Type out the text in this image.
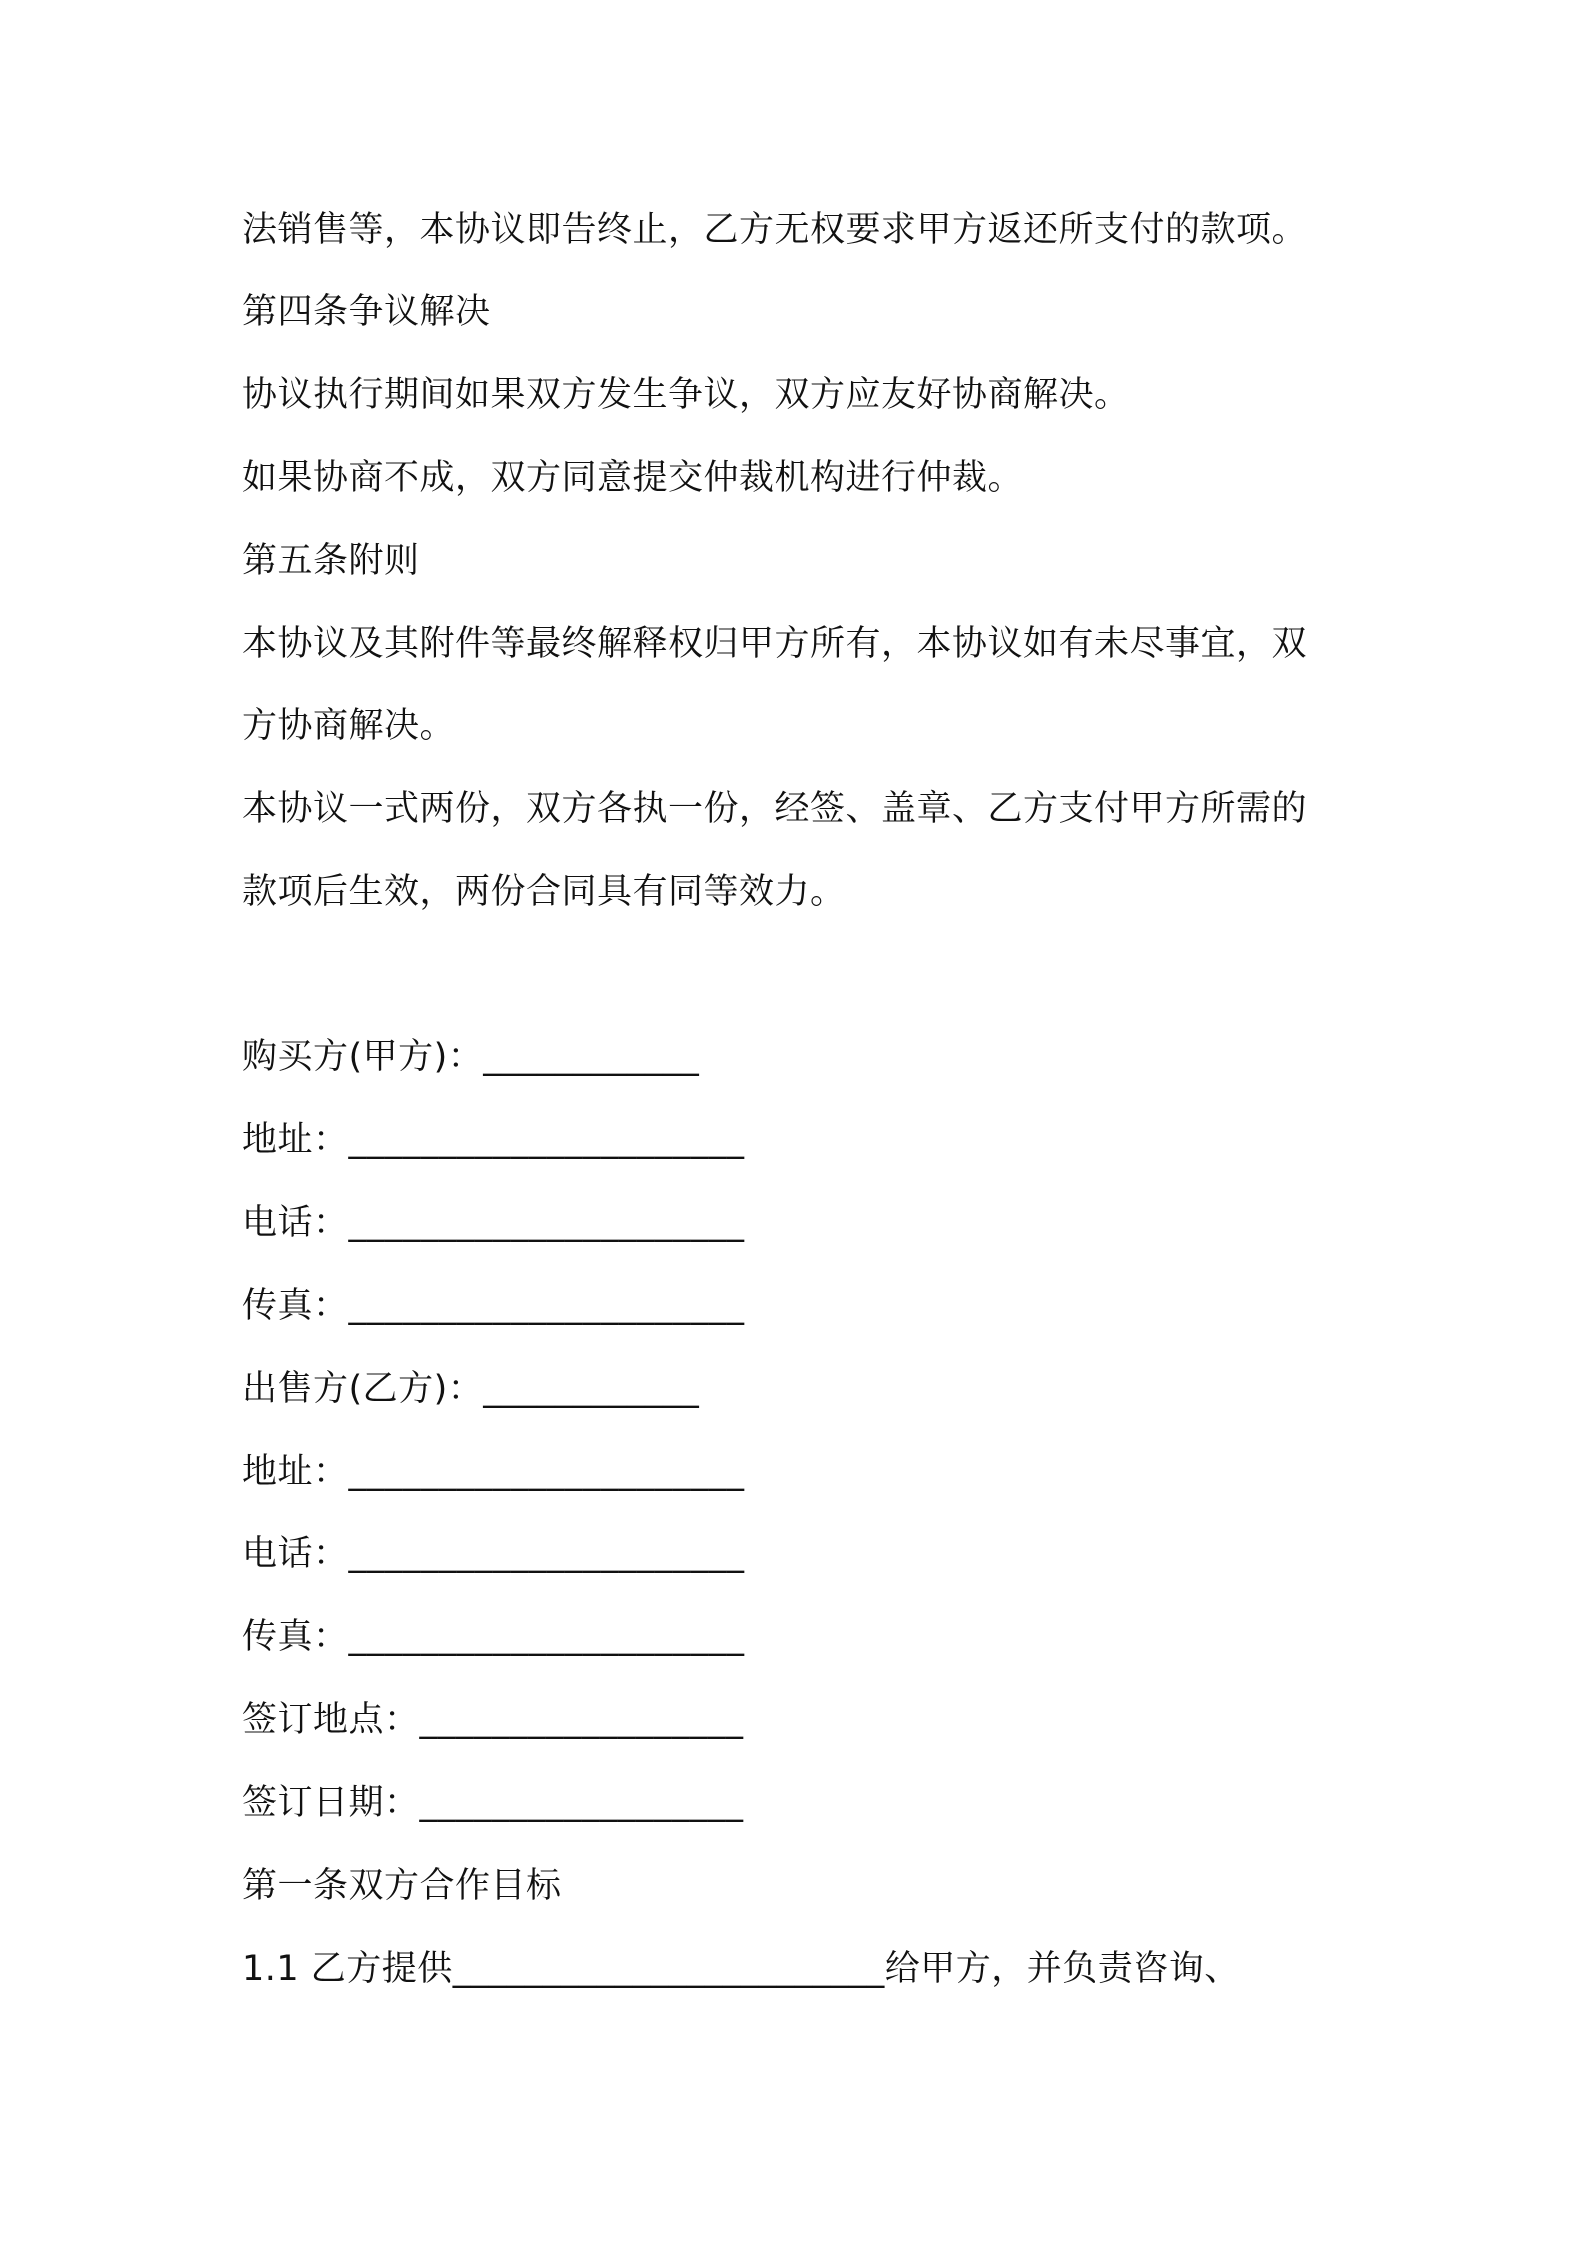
法销售等，本协议即告终止，乙方无权要求甲方返还所支付的款项。
第四条争议解决
协议执行期间如果双方发生争议，双方应友好协商解决。
如果协商不成，双方同意提交仲裁机构进行仲裁。
第五条附则
本协议及其附件等最终解释权归甲方所有，本协议如有未尽事宜，双
方协商解决。
本协议一式两份，双方各执一份，经签、盖章、乙方支付甲方所需的
款项后生效，两份合同具有同等效力。
购买方(甲方)：____________
地址：______________________
电话：______________________
传真：______________________
出售方(乙方)：____________
地址：______________________
电话：______________________
传真：______________________
签订地点：__________________
签订日期：__________________
第一条双方合作目标
1.1 乙方提供________________________给甲方，并负责咨询、
